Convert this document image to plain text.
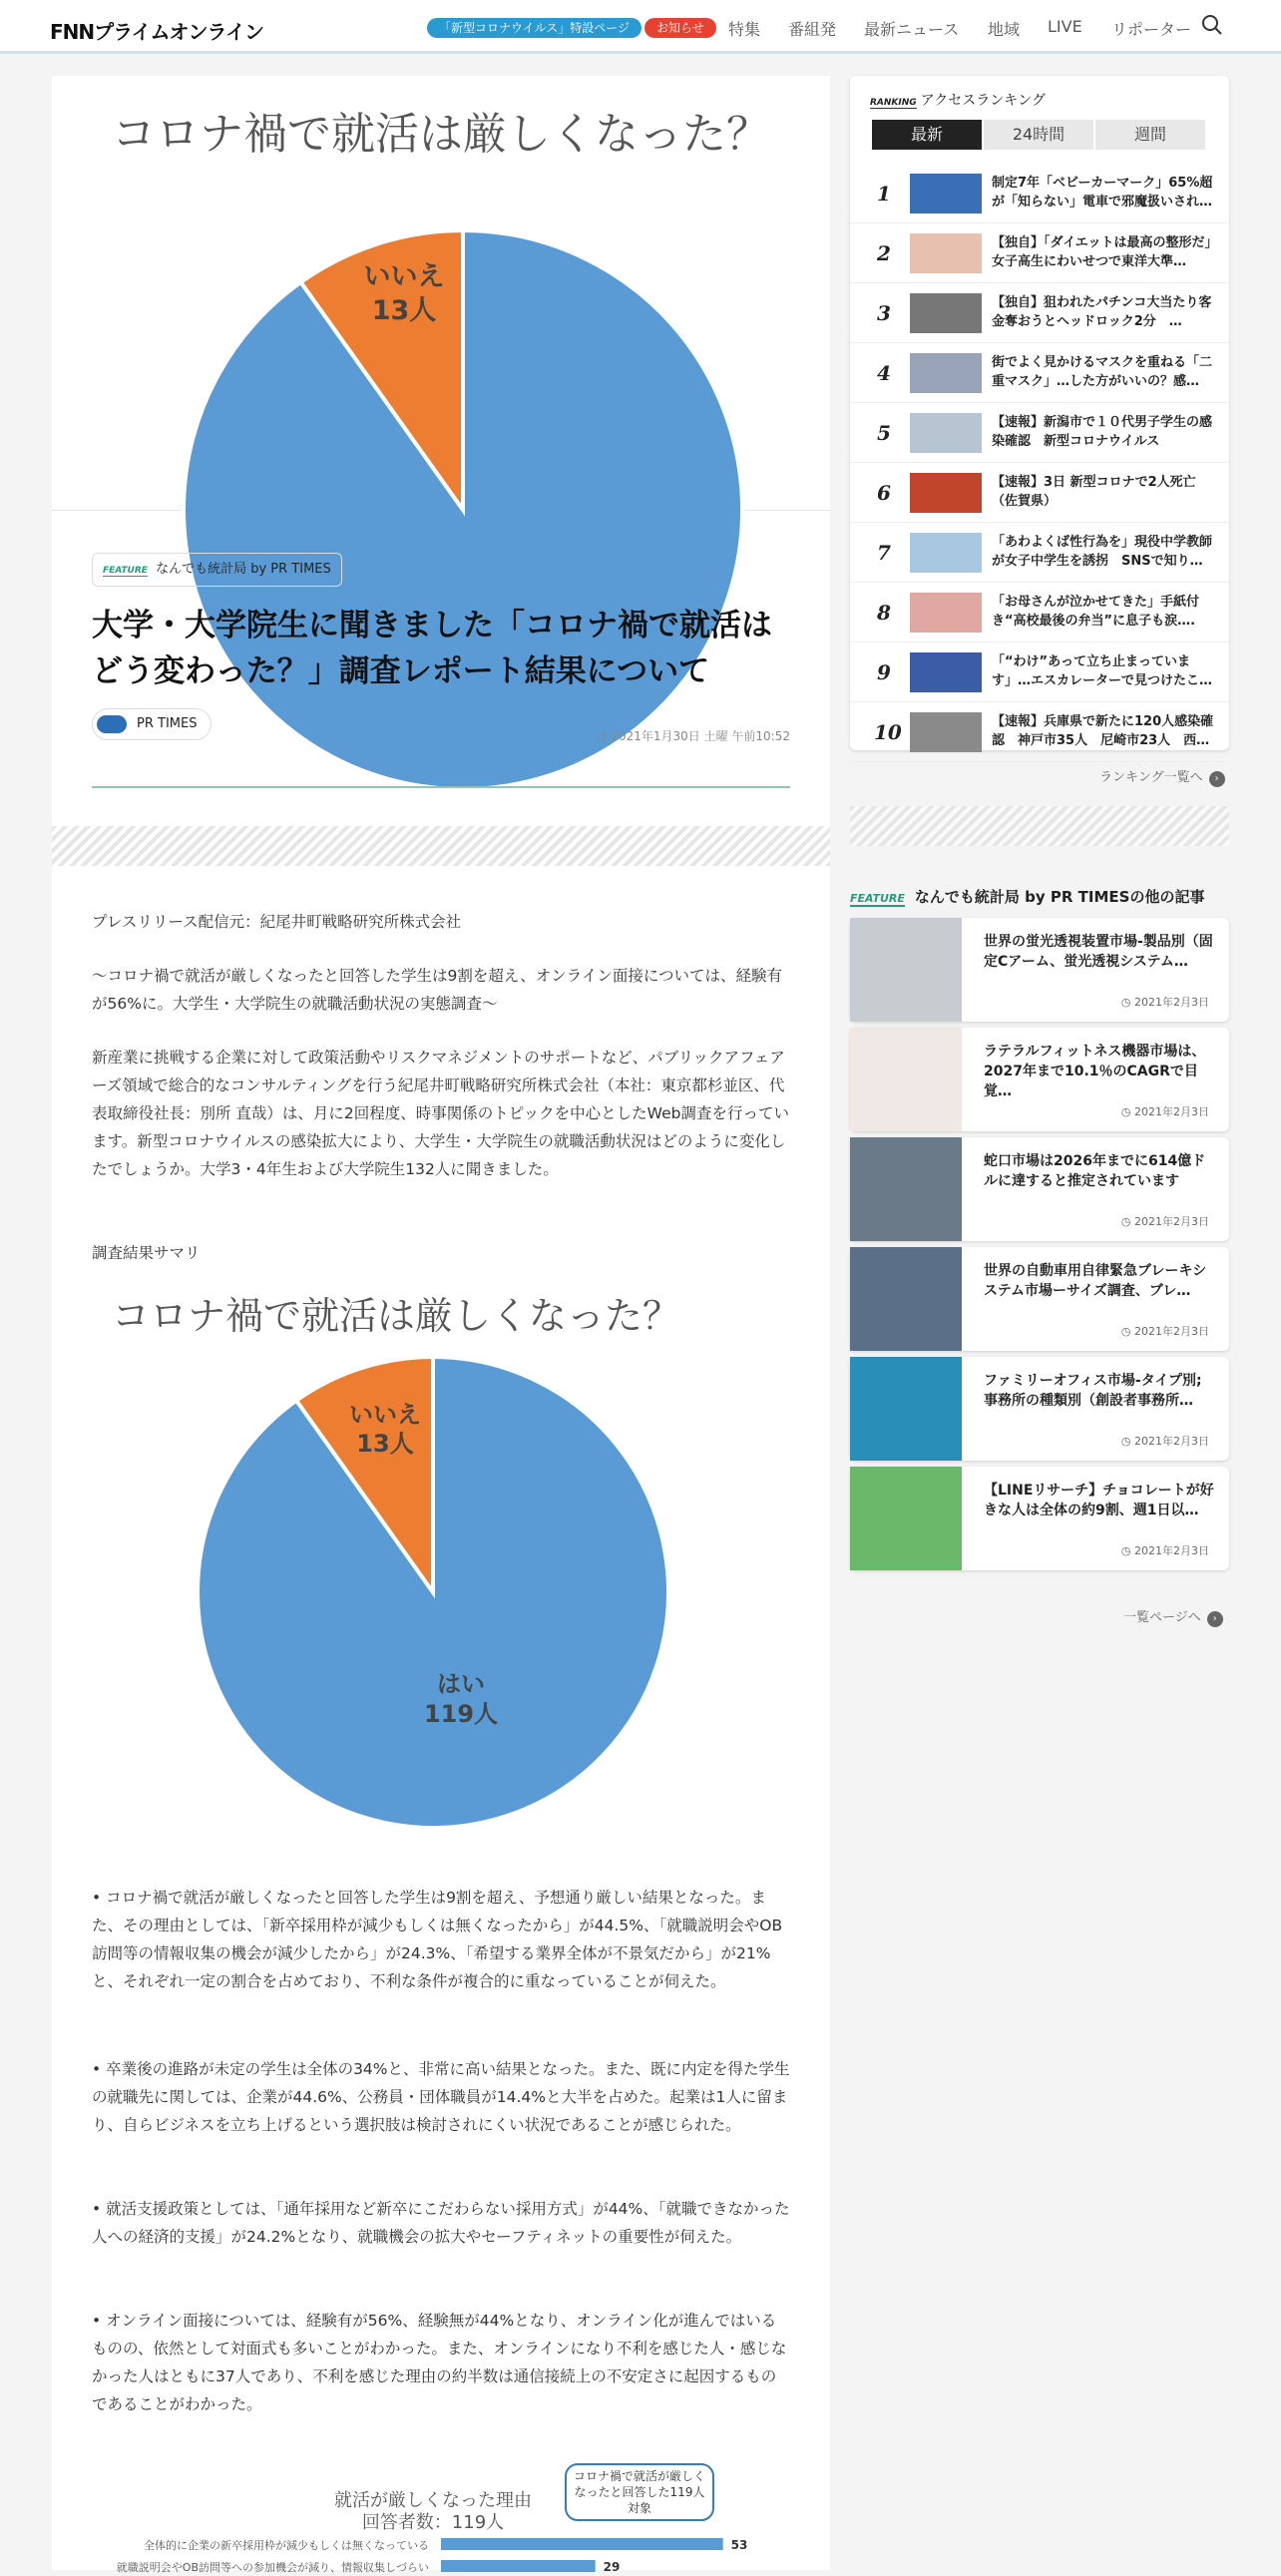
FNNプライムオンライン	「新型コロナウイルス」特設ページ	お知らせ	特集 番組発 最新ニュース 地域 LIVE リポーター
コロナ禍で就活は厳しくなった？
いいえ
13人
FEATURE なんでも統計局 by PR TIMES
大学・大学院生に聞きました「コロナ禍で就活はどう変わった？」調査レポート結果について
PR TIMES
◷ 2021年1月30日 土曜 午前10:52
プレスリリース配信元：紀尾井町戦略研究所株式会社
～コロナ禍で就活が厳しくなったと回答した学生は9割を超え、オンライン面接については、経験有が56%に。大学生・大学院生の就職活動状況の実態調査～
新産業に挑戦する企業に対して政策活動やリスクマネジメントのサポートなど、パブリックアフェアーズ領域で総合的なコンサルティングを行う紀尾井町戦略研究所株式会社（本社：東京都杉並区、代表取締役社長：別所 直哉）は、月に2回程度、時事関係のトピックを中心としたWeb調査を行っています。新型コロナウイルスの感染拡大により、大学生・大学院生の就職活動状況はどのように変化したでしょうか。大学3・4年生および大学院生132人に聞きました。
調査結果サマリ
コロナ禍で就活は厳しくなった？
いいえ
13人
はい
119人
• コロナ禍で就活が厳しくなったと回答した学生は9割を超え、予想通り厳しい結果となった。また、その理由としては、「新卒採用枠が減少もしくは無くなったから」が44.5%、「就職説明会やOB訪問等の情報収集の機会が減少したから」が24.3%、「希望する業界全体が不景気だから」が21%と、それぞれ一定の割合を占めており、不利な条件が複合的に重なっていることが伺えた。
• 卒業後の進路が未定の学生は全体の34%と、非常に高い結果となった。また、既に内定を得た学生の就職先に関しては、企業が44.6%、公務員・団体職員が14.4%と大半を占めた。起業は1人に留まり、自らビジネスを立ち上げるという選択肢は検討されにくい状況であることが感じられた。
• 就活支援政策としては、「通年採用など新卒にこだわらない採用方式」が44%、「就職できなかった人への経済的支援」が24.2%となり、就職機会の拡大やセーフティネットの重要性が伺えた。
• オンライン面接については、経験有が56%、経験無が44%となり、オンライン化が進んではいるものの、依然として対面式も多いことがわかった。また、オンラインになり不利を感じた人・感じなかった人はともに37人であり、不利を感じた理由の約半数は通信接続上の不安定さに起因するものであることがわかった。
就活が厳しくなった理由
回答者数：119人
コロナ禍で就活が厳しくなったと回答した119人対象
全体的に企業の新卒採用枠が減少もしくは無くなっている	53
就職説明会やOB訪問等への参加機会が減り、情報収集しづらい	29
RANKING アクセスランキング
最新	24時間	週間
1	制定7年「ベビーカーマーク」65%超が「知らない」電車で邪魔扱いされ…
2	【独自】「ダイエットは最高の整形だ」女子高生にわいせつで東洋大準…
3	【独自】狙われたパチンコ大当たり客　金奪おうとヘッドロック2分　…
4	街でよく見かけるマスクを重ねる「二重マスク」…した方がいいの？感…
5	【速報】新潟市で１０代男子学生の感染確認　新型コロナウイルス
6	【速報】3日 新型コロナで2人死亡（佐賀県）
7	「あわよくば性行為を」現役中学教師が女子中学生を誘拐　SNSで知り…
8	「お母さんが泣かせてきた」手紙付き“高校最後の弁当”に息子も涙….
9	「“わけ”あって立ち止まっています」…エスカレーターで見つけたこ…
10	【速報】兵庫県で新たに120人感染確認　神戸市35人　尼崎市23人　西…
ランキング一覧へ ›
FEATURE なんでも統計局 by PR TIMESの他の記事
世界の蛍光透視装置市場-製品別（固定Cアーム、蛍光透視システム…
◷ 2021年2月3日
ラテラルフィットネス機器市場は、2027年まで10.1％のCAGRで目覚…
◷ 2021年2月3日
蛇口市場は2026年までに614億ドルに達すると推定されています
◷ 2021年2月3日
世界の自動車用自律緊急ブレーキシステム市場ーサイズ調査、ブレ…
◷ 2021年2月3日
ファミリーオフィス市場-タイプ別;事務所の種類別（創設者事務所…
◷ 2021年2月3日
【LINEリサーチ】チョコレートが好きな人は全体の約9割、週1日以…
◷ 2021年2月3日
一覧ページへ ›
